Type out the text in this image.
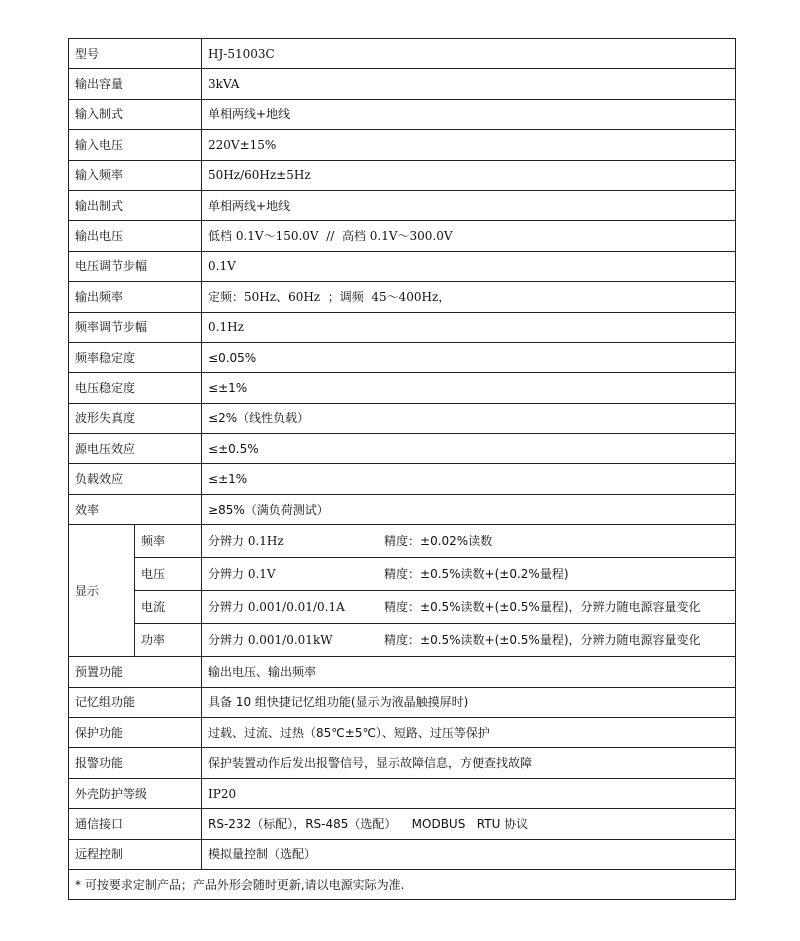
型号		HJ-51003C
输出容量		3kVA
输入制式		单相两线+地线
输入电压		220V±15%
输入频率		50Hz/60Hz±5Hz
输出制式		单相两线+地线
输出电压		低档 0.1V～150.0V  //  高档 0.1V～300.0V
电压调节步幅		0.1V
输出频率		定频：50Hz、60Hz  ；调频  45～400Hz，
频率调节步幅		0.1Hz
频率稳定度		≤0.05%
电压稳定度		≤±1%
波形失真度		≤2%（线性负载）
源电压效应		≤±0.5%
负载效应		≤±1%
效率		≥85%（满负荷测试）
显示	频率	分辨力 0.1Hz 精度：±0.02%读数
	电压	分辨力 0.1V 精度：±0.5%读数+(±0.2%量程)
	电流	分辨力 0.001/0.01/0.1A 精度：±0.5%读数+(±0.5%量程)，分辨力随电源容量变化
	功率	分辨力 0.001/0.01kW 精度：±0.5%读数+(±0.5%量程)，分辨力随电源容量变化
预置功能		输出电压、输出频率
记忆组功能		具备 10 组快捷记忆组功能(显示为液晶触摸屏时)
保护功能		过载、过流、过热（85℃±5℃）、短路、过压等保护
报警功能		保护装置动作后发出报警信号，显示故障信息，方便查找故障
外壳防护等级		IP20
通信接口		RS-232（标配），RS-485（选配）    MODBUS   RTU 协议
远程控制		模拟量控制（选配）
* 可按要求定制产品；产品外形会随时更新,请以电源实际为准.		
